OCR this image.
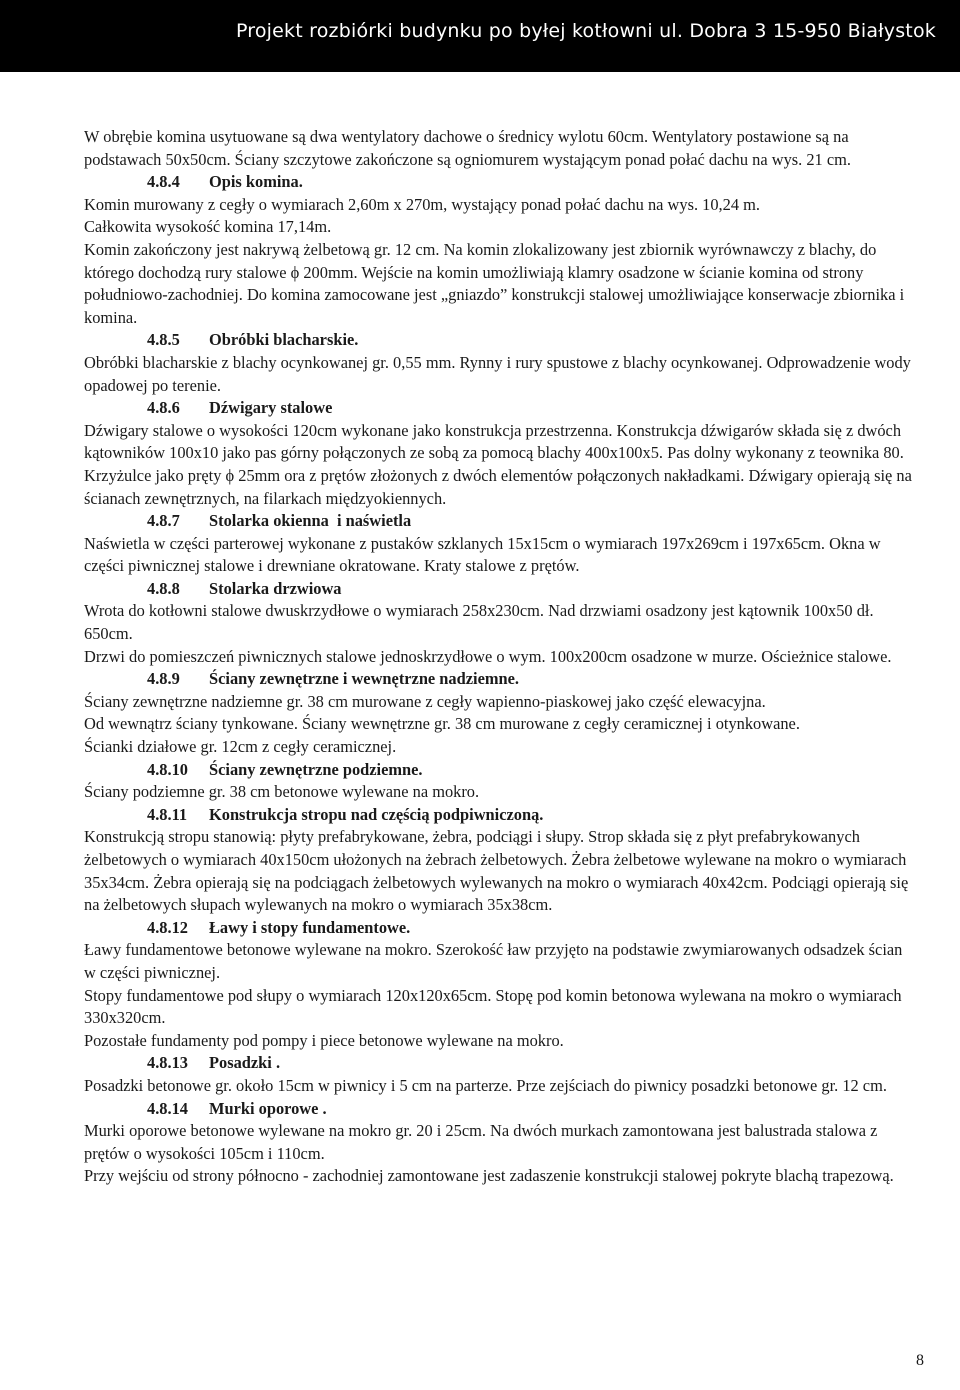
Projekt rozbiórki budynku po byłej kotłowni ul. Dobra 3 15-950 Białystok

W obrębie komina usytuowane są dwa wentylatory dachowe o średnicy wylotu 60cm. Wentylatory postawione są na podstawach 50x50cm. Ściany szczytowe zakończone są ogniomurem wystającym ponad połać dachu na wys. 21 cm.

4.8.4 Opis komina.

Komin murowany z cegły o wymiarach 2,60m x 270m, wystający ponad połać dachu na wys. 10,24 m.

Całkowita wysokość komina 17,14m.

Komin zakończony jest nakrywą żelbetową gr. 12 cm. Na komin zlokalizowany jest zbiornik wyrównawczy z blachy, do którego dochodzą rury stalowe ϕ 200mm. Wejście na komin umożliwiają klamry osadzone w ścianie komina od strony południowo-zachodniej. Do komina zamocowane jest „gniazdo” konstrukcji stalowej umożliwiające konserwacje zbiornika i komina.

4.8.5 Obróbki blacharskie.

Obróbki blacharskie z blachy ocynkowanej gr. 0,55 mm. Rynny i rury spustowe z blachy ocynkowanej. Odprowadzenie wody opadowej po terenie.

4.8.6 Dźwigary stalowe

Dźwigary stalowe o wysokości 120cm wykonane jako konstrukcja przestrzenna. Konstrukcja dźwigarów składa się z dwóch kątowników 100x10 jako pas górny połączonych ze sobą za pomocą blachy 400x100x5. Pas dolny wykonany z teownika 80. Krzyżulce jako pręty ϕ 25mm ora z prętów złożonych z dwóch elementów połączonych nakładkami. Dźwigary opierają się na ścianach zewnętrznych, na filarkach międzyokiennych.

4.8.7 Stolarka okienna  i naświetla

Naświetla w części parterowej wykonane z pustaków szklanych 15x15cm o wymiarach 197x269cm i 197x65cm. Okna w części piwnicznej stalowe i drewniane okratowane. Kraty stalowe z prętów.

4.8.8 Stolarka drzwiowa

Wrota do kotłowni stalowe dwuskrzydłowe o wymiarach 258x230cm. Nad drzwiami osadzony jest kątownik 100x50 dł. 650cm.

Drzwi do pomieszczeń piwnicznych stalowe jednoskrzydłowe o wym. 100x200cm osadzone w murze. Ościeżnice stalowe.

4.8.9 Ściany zewnętrzne i wewnętrzne nadziemne.

Ściany zewnętrzne nadziemne gr. 38 cm murowane z cegły wapienno-piaskowej jako część elewacyjna.

Od wewnątrz ściany tynkowane. Ściany wewnętrzne gr. 38 cm murowane z cegły ceramicznej i otynkowane.

Ścianki działowe gr. 12cm z cegły ceramicznej.

4.8.10 Ściany zewnętrzne podziemne.

Ściany podziemne gr. 38 cm betonowe wylewane na mokro.

4.8.11 Konstrukcja stropu nad częścią podpiwniczoną.

Konstrukcją stropu stanowią: płyty prefabrykowane, żebra, podciągi i słupy. Strop składa się z płyt prefabrykowanych żelbetowych o wymiarach 40x150cm ułożonych na żebrach żelbetowych. Żebra żelbetowe wylewane na mokro o wymiarach 35x34cm. Żebra opierają się na podciągach żelbetowych wylewanych na mokro o wymiarach 40x42cm. Podciągi opierają się na żelbetowych słupach wylewanych na mokro o wymiarach 35x38cm.

4.8.12 Ławy i stopy fundamentowe.

Ławy fundamentowe betonowe wylewane na mokro. Szerokość ław przyjęto na podstawie zwymiarowanych odsadzek ścian w części piwnicznej.

Stopy fundamentowe pod słupy o wymiarach 120x120x65cm. Stopę pod komin betonowa wylewana na mokro o wymiarach 330x320cm.

Pozostałe fundamenty pod pompy i piece betonowe wylewane na mokro.

4.8.13 Posadzki .

Posadzki betonowe gr. około 15cm w piwnicy i 5 cm na parterze. Prze zejściach do piwnicy posadzki betonowe gr. 12 cm.

4.8.14 Murki oporowe .

Murki oporowe betonowe wylewane na mokro gr. 20 i 25cm. Na dwóch murkach zamontowana jest balustrada stalowa z prętów o wysokości 105cm i 110cm.

Przy wejściu od strony północno - zachodniej zamontowane jest zadaszenie konstrukcji stalowej pokryte blachą trapezową.

8
